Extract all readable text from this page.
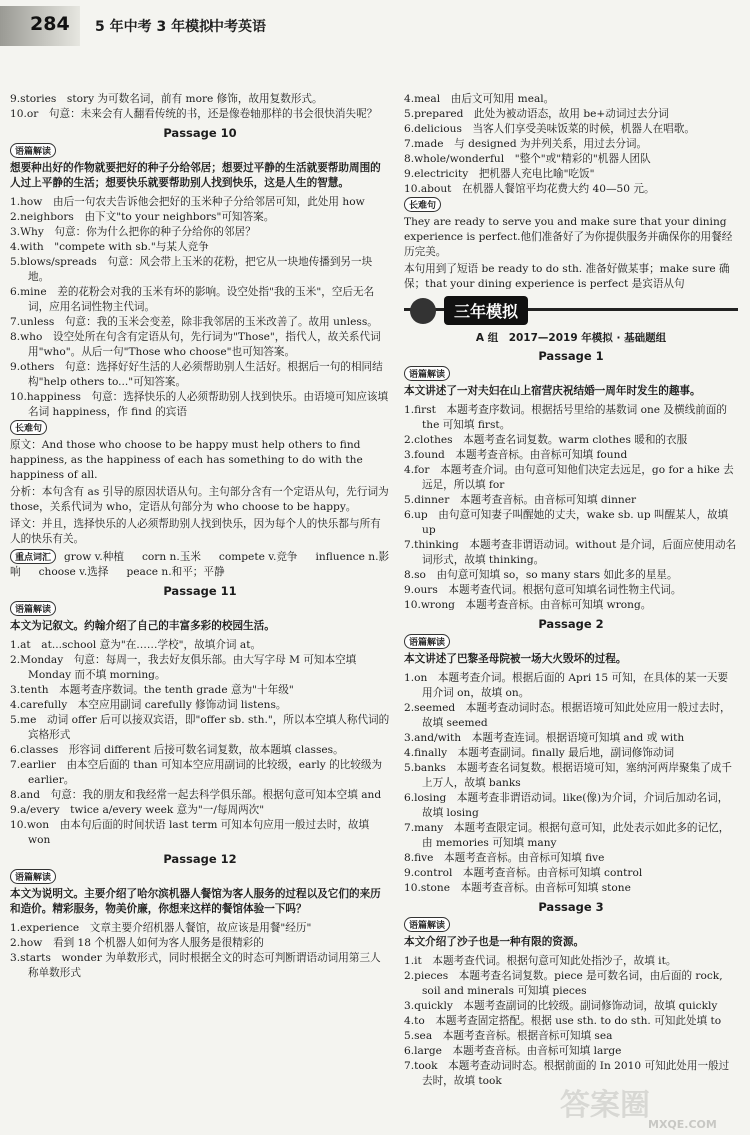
284 5 年中考 3 年模拟
中考英语

9.stories　story 为可数名词，前有 more 修饰，故用复数形式。

10.or　句意：未来会有人翻看传统的书，还是像卷轴那样的书会很快消失呢？

Passage 10
语篇解读

想要种出好的作物就要把好的种子分给邻居；想要过平静的生活就要帮助周围的人过上平静的生活；想要快乐就要帮助别人找到快乐，这是人生的智慧。

1.how　由后一句农夫告诉他会把好的玉米种子分给邻居可知，此处用 how

2.neighbors　由下文"to your neighbors"可知答案。

3.Why　句意：你为什么把你的种子分给你的邻居？

4.with　"compete with sb."与某人竞争

5.blows/spreads　句意：风会带上玉米的花粉，把它从一块地传播到另一块地。

6.mine　差的花粉会对我的玉米有坏的影响。设空处指"我的玉米"，空后无名词，应用名词性物主代词。

7.unless　句意：我的玉米会变差，除非我邻居的玉米改善了。故用 unless。

8.who　设空处所在句含有定语从句，先行词为"Those"，指代人，故关系代词用"who"。从后一句"Those who choose"也可知答案。

9.others　句意：选择好好生活的人必须帮助别人生活好。根据后一句的相同结构"help others to..."可知答案。

10.happiness　句意：选择快乐的人必须帮助别人找到快乐。由语境可知应该填名词 happiness，作 find 的宾语

长难句

原文：And those who choose to be happy must help others to find happiness, as the happiness of each has something to do with the happiness of all.

分析：本句含有 as 引导的原因状语从句。主句部分含有一个定语从句，先行词为 those，关系代词为 who，定语从句部分为 who choose to be happy。

译文：并且，选择快乐的人必须帮助别人找到快乐，因为每个人的快乐都与所有人的快乐有关。

重点词汇 grow v.种植 corn n.玉米 compete v.竞争 influence n.影响 choose v.选择 peace n.和平；平静
Passage 11
语篇解读

本文为记叙文。约翰介绍了自己的丰富多彩的校园生活。

1.at　at...school 意为"在……学校"，故填介词 at。

2.Monday　句意：每周一，我去好友俱乐部。由大写字母 M 可知本空填 Monday 而不填 morning。

3.tenth　本题考查序数词。the tenth grade 意为"十年级"

4.carefully　本空应用副词 carefully 修饰动词 listens。

5.me　动词 offer 后可以接双宾语，即"offer sb. sth."，所以本空填人称代词的宾格形式

6.classes　形容词 different 后接可数名词复数，故本题填 classes。

7.earlier　由本空后面的 than 可知本空应用副词的比较级，early 的比较级为 earlier。

8.and　句意：我的朋友和我经常一起去科学俱乐部。根据句意可知本空填 and

9.a/every　twice a/every week 意为"一/每周两次"

10.won　由本句后面的时间状语 last term 可知本句应用一般过去时，故填 won

Passage 12
语篇解读

本文为说明文。主要介绍了哈尔滨机器人餐馆为客人服务的过程以及它们的来历和造价。精彩服务，物美价廉，你想来这样的餐馆体验一下吗？

1.experience　文章主要介绍机器人餐馆，故应该是用餐"经历"

2.how　看到 18 个机器人如何为客人服务是很精彩的

3.starts　wonder 为单数形式，同时根据全文的时态可判断谓语动词用第三人称单数形式

4.meal　由后文可知用 meal。

5.prepared　此处为被动语态，故用 be+动词过去分词

6.delicious　当客人们享受美味饭菜的时候，机器人在唱歌。

7.made　与 designed 为并列关系，用过去分词。

8.whole/wonderful　"整个"或"精彩的"机器人团队

9.electricity　把机器人充电比喻"吃饭"

10.about　在机器人餐馆平均花费大约 40—50 元。

长难句

They are ready to serve you and make sure that your dining experience is perfect.他们准备好了为你提供服务并确保你的用餐经历完美。

本句用到了短语 be ready to do sth. 准备好做某事；make sure 确保；that your dining experience is perfect 是宾语从句

三年模拟
A 组　2017—2019 年模拟 · 基础题组
Passage 1
语篇解读

本文讲述了一对夫妇在山上宿营庆祝结婚一周年时发生的趣事。

1.first　本题考查序数词。根据括号里给的基数词 one 及横线前面的 the 可知填 first。

2.clothes　本题考查名词复数。warm clothes 暖和的衣服

3.found　本题考查音标。由音标可知填 found

4.for　本题考查介词。由句意可知他们决定去远足，go for a hike 去远足，所以填 for

5.dinner　本题考查音标。由音标可知填 dinner

6.up　由句意可知妻子叫醒她的丈夫，wake sb. up 叫醒某人，故填 up

7.thinking　本题考查非谓语动词。without 是介词，后面应使用动名词形式，故填 thinking。

8.so　由句意可知填 so，so many stars 如此多的星星。

9.ours　本题考查代词。根据句意可知填名词性物主代词。

10.wrong　本题考查音标。由音标可知填 wrong。

Passage 2
语篇解读

本文讲述了巴黎圣母院被一场大火毁坏的过程。

1.on　本题考查介词。根据后面的 Apri 15 可知，在具体的某一天要用介词 on，故填 on。

2.seemed　本题考查动词时态。根据语境可知此处应用一般过去时，故填 seemed

3.and/with　本题考查连词。根据语境可知填 and 或 with

4.finally　本题考查副词。finally 最后地，副词修饰动词

5.banks　本题考查名词复数。根据语境可知，塞纳河两岸聚集了成千上万人，故填 banks

6.losing　本题考查非谓语动词。like(像)为介词，介词后加动名词，故填 losing

7.many　本题考查限定词。根据句意可知，此处表示如此多的记忆，由 memories 可知填 many

8.five　本题考查音标。由音标可知填 five

9.control　本题考查音标。由音标可知填 control

10.stone　本题考查音标。由音标可知填 stone

Passage 3
语篇解读

本文介绍了沙子也是一种有限的资源。

1.it　本题考查代词。根据句意可知此处指沙子，故填 it。

2.pieces　本题考查名词复数。piece 是可数名词，由后面的 rock, soil and minerals 可知填 pieces

3.quickly　本题考查副词的比较级。副词修饰动词，故填 quickly

4.to　本题考查固定搭配。根据 use sth. to do sth. 可知此处填 to

5.sea　本题考查音标。根据音标可知填 sea

6.large　本题考查音标。由音标可知填 large

7.took　本题考查动词时态。根据前面的 In 2010 可知此处用一般过去时，故填 took

答案圈
MXQE.COM
